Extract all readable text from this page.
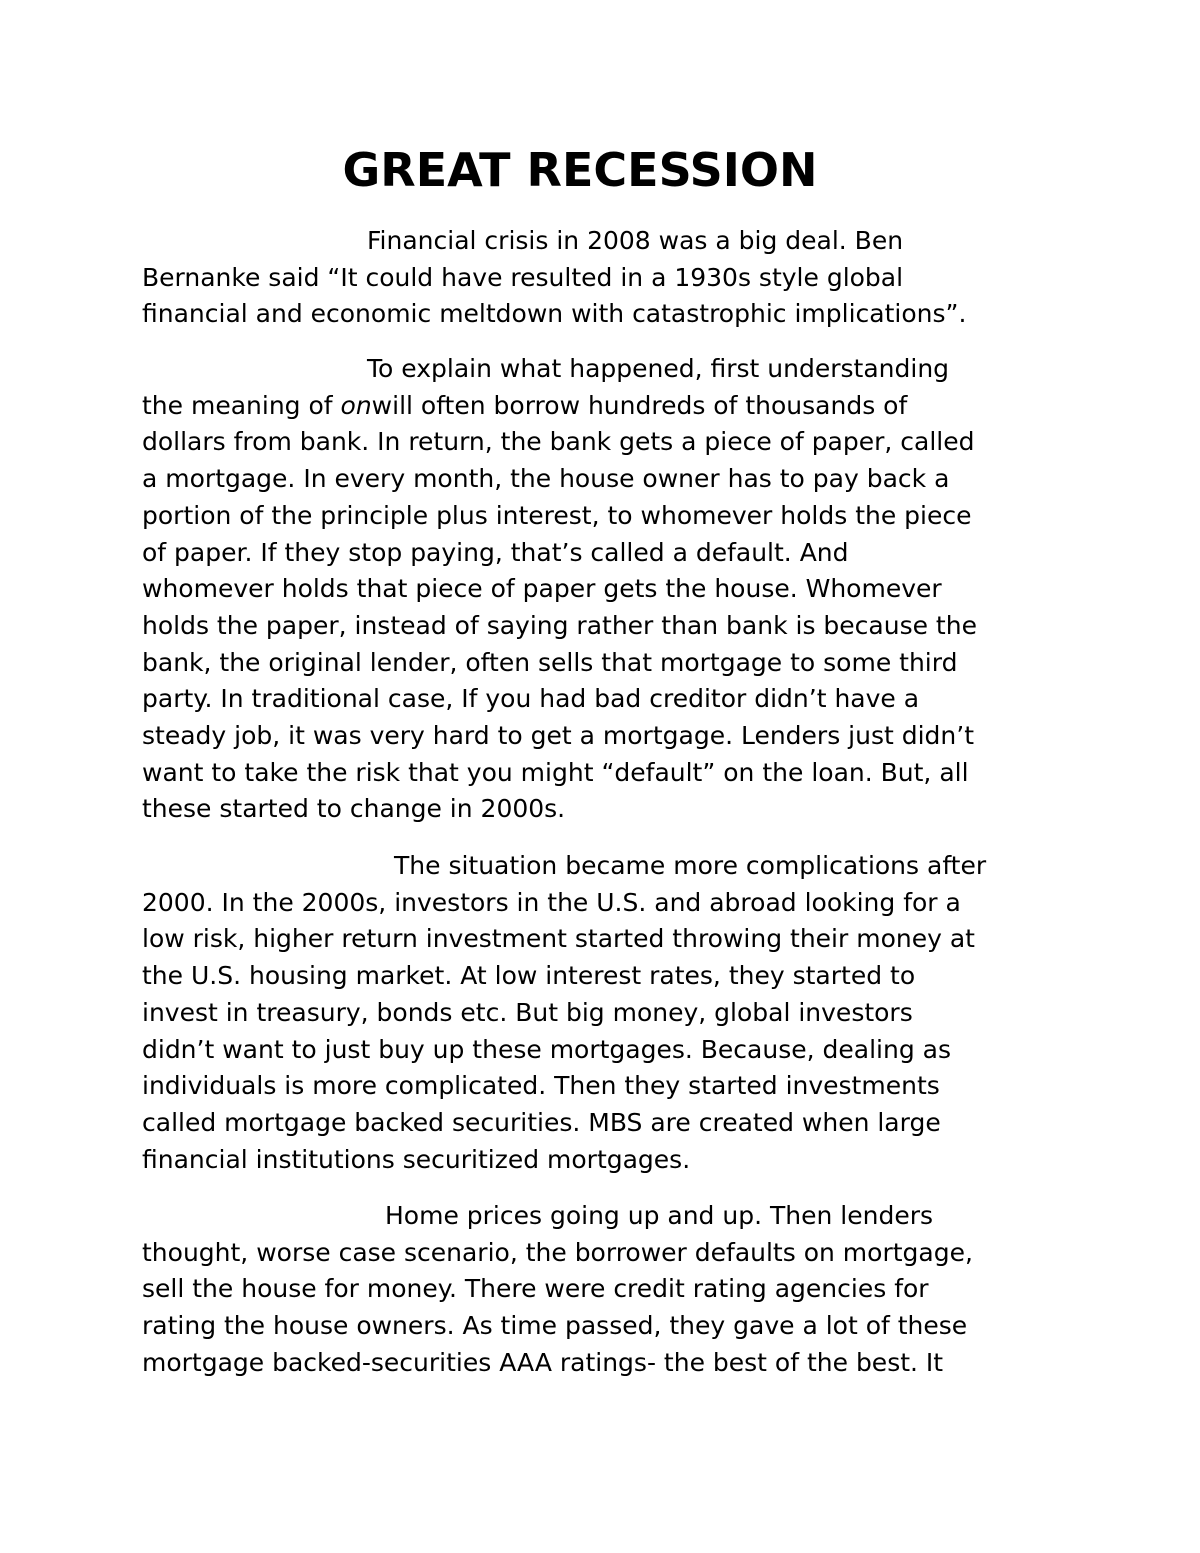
GREAT RECESSION

Financial crisis in 2008 was a big deal. Ben
Bernanke said “It could have resulted in a 1930s style global
financial and economic meltdown with catastrophic implications”.

To explain what happened, first understanding
the meaning of onwill often borrow hundreds of thousands of
dollars from bank. In return, the bank gets a piece of paper, called
a mortgage. In every month, the house owner has to pay back a
portion of the principle plus interest, to whomever holds the piece
of paper. If they stop paying, that’s called a default. And
whomever holds that piece of paper gets the house. Whomever
holds the paper, instead of saying rather than bank is because the
bank, the original lender, often sells that mortgage to some third
party. In traditional case, If you had bad creditor didn’t have a
steady job, it was very hard to get a mortgage. Lenders just didn’t
want to take the risk that you might “default” on the loan. But, all
these started to change in 2000s.

The situation became more complications after
2000. In the 2000s, investors in the U.S. and abroad looking for a
low risk, higher return investment started throwing their money at
the U.S. housing market. At low interest rates, they started to
invest in treasury, bonds etc. But big money, global investors
didn’t want to just buy up these mortgages. Because, dealing as
individuals is more complicated. Then they started investments
called mortgage backed securities. MBS are created when large
financial institutions securitized mortgages.

Home prices going up and up. Then lenders
thought, worse case scenario, the borrower defaults on mortgage,
sell the house for money. There were credit rating agencies for
rating the house owners. As time passed, they gave a lot of these
mortgage backed-securities AAA ratings- the best of the best. It
